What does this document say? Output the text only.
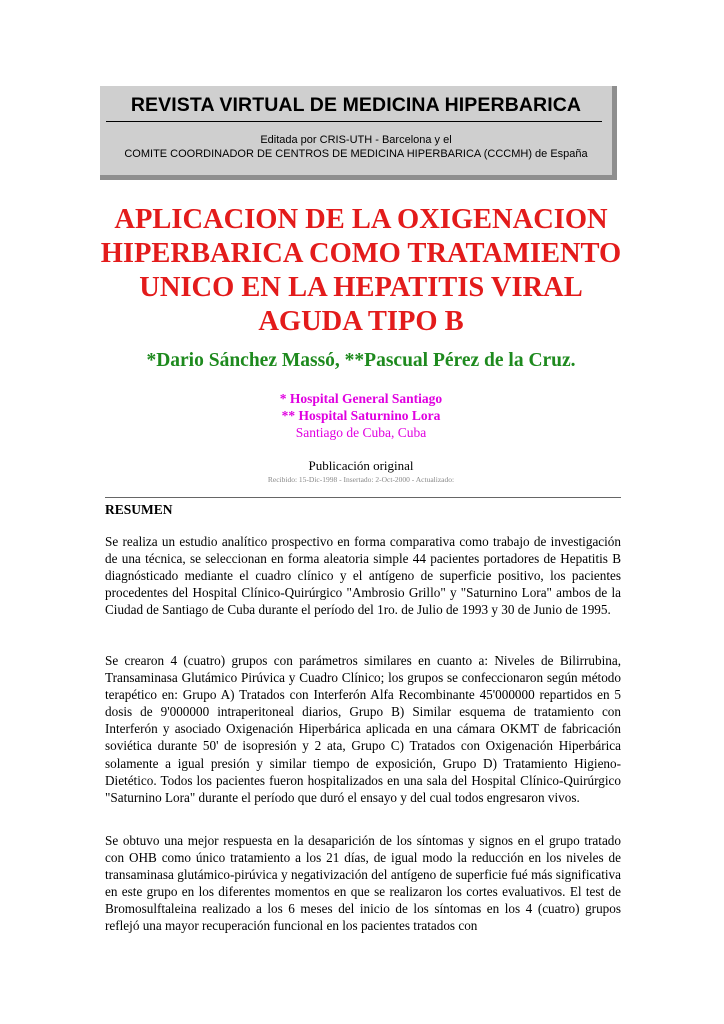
REVISTA VIRTUAL DE MEDICINA HIPERBARICA
Editada por CRIS-UTH - Barcelona y el
COMITE COORDINADOR DE CENTROS DE MEDICINA HIPERBARICA (CCCMH) de España
APLICACION DE LA OXIGENACION HIPERBARICA COMO TRATAMIENTO UNICO EN LA HEPATITIS VIRAL AGUDA TIPO B

*Dario Sánchez Massó, **Pascual Pérez de la Cruz.

* Hospital General Santiago

** Hospital Saturnino Lora

Santiago de Cuba, Cuba

Publicación original

Recibido: 15-Dic-1998 - Insertado: 2-Oct-2000 - Actualizado:

RESUMEN

Se realiza un estudio analítico prospectivo en forma comparativa como trabajo de investigación de una técnica, se seleccionan en forma aleatoria simple 44 pacientes portadores de Hepatitis B diagnósticado mediante el cuadro clínico y el antígeno de superficie positivo, los pacientes procedentes del Hospital Clínico-Quirúrgico "Ambrosio Grillo" y "Saturnino Lora" ambos de la Ciudad de Santiago de Cuba durante el período del 1ro. de Julio de 1993 y 30 de Junio de 1995.

Se crearon 4 (cuatro) grupos con parámetros similares en cuanto a: Niveles de Bilirrubina, Transaminasa Glutámico Pirúvica y Cuadro Clínico; los grupos se confeccionaron según método terapético en: Grupo A) Tratados con Interferón Alfa Recombinante 45'000000 repartidos en 5 dosis de 9'000000 intraperitoneal diarios, Grupo B) Similar esquema de tratamiento con Interferón y asociado Oxigenación Hiperbárica aplicada en una cámara OKMT de fabricación soviética durante 50' de isopresión y 2 ata, Grupo C) Tratados con Oxigenación Hiperbárica solamente a igual presión y similar tiempo de exposición, Grupo D) Tratamiento Higieno-Dietético. Todos los pacientes fueron hospitalizados en una sala del Hospital Clínico-Quirúrgico "Saturnino Lora" durante el período que duró el ensayo y del cual todos engresaron vivos.

Se obtuvo una mejor respuesta en la desaparición de los síntomas y signos en el grupo tratado con OHB como único tratamiento a los 21 días, de igual modo la reducción en los niveles de transaminasa glutámico-pirúvica y negativización del antígeno de superficie fué más significativa en este grupo en los diferentes momentos en que se realizaron los cortes evaluativos. El test de Bromosulftaleina realizado a los 6 meses del inicio de los síntomas en los 4 (cuatro) grupos reflejó una mayor recuperación funcional en los pacientes tratados con
